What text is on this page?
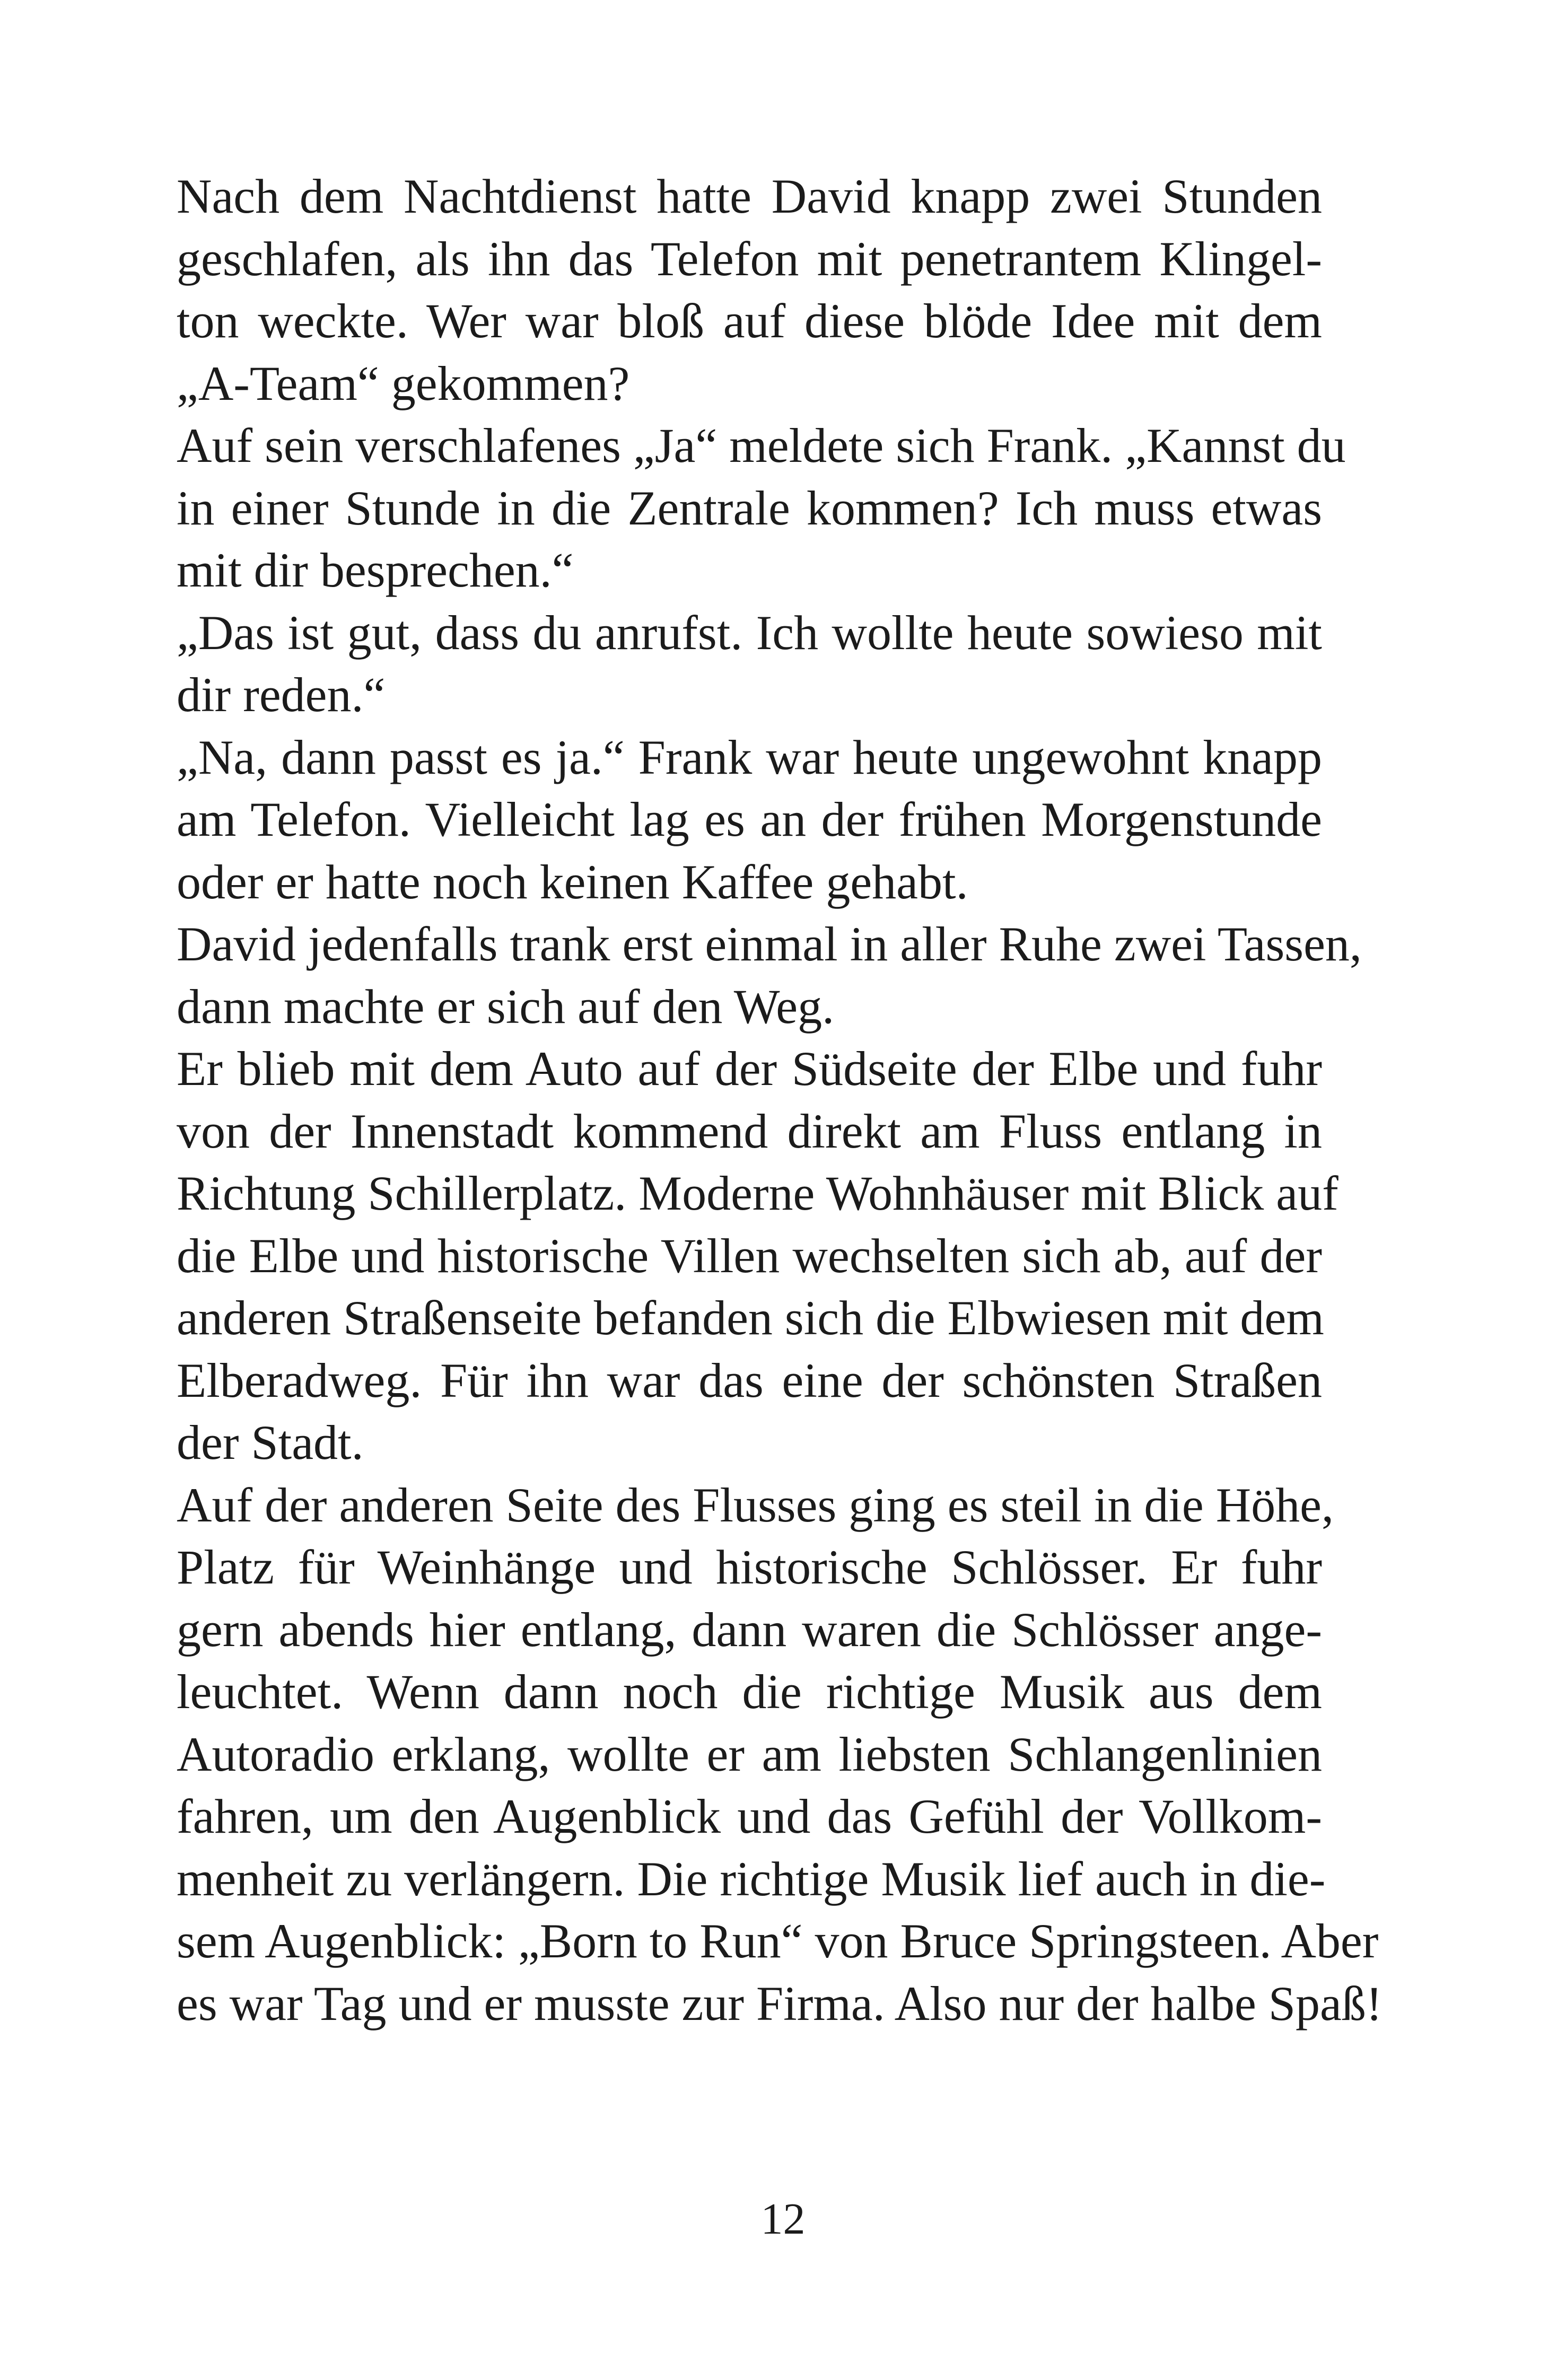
Nach dem Nachtdienst hatte David knapp zwei Stunden
geschlafen, als ihn das Telefon mit penetrantem Klingel-
ton weckte. Wer war bloß auf diese blöde Idee mit dem
„A-Team“ gekommen?
Auf sein verschlafenes „Ja“ meldete sich Frank. „Kannst du
in einer Stunde in die Zentrale kommen? Ich muss etwas
mit dir besprechen.“
„Das ist gut, dass du anrufst. Ich wollte heute sowieso mit
dir reden.“
„Na, dann passt es ja.“ Frank war heute ungewohnt knapp
am Telefon. Vielleicht lag es an der frühen Morgenstunde
oder er hatte noch keinen Kaffee gehabt.
David jedenfalls trank erst einmal in aller Ruhe zwei Tassen,
dann machte er sich auf den Weg.
Er blieb mit dem Auto auf der Südseite der Elbe und fuhr
von der Innenstadt kommend direkt am Fluss entlang in
Richtung Schillerplatz. Moderne Wohnhäuser mit Blick auf
die Elbe und historische Villen wechselten sich ab, auf der
anderen Straßenseite befanden sich die Elbwiesen mit dem
Elberadweg. Für ihn war das eine der schönsten Straßen
der Stadt.
Auf der anderen Seite des Flusses ging es steil in die Höhe,
Platz für Weinhänge und historische Schlösser. Er fuhr
gern abends hier entlang, dann waren die Schlösser ange-
leuchtet. Wenn dann noch die richtige Musik aus dem
Autoradio erklang, wollte er am liebsten Schlangenlinien
fahren, um den Augenblick und das Gefühl der Vollkom-
menheit zu verlängern. Die richtige Musik lief auch in die-
sem Augenblick: „Born to Run“ von Bruce Springsteen. Aber
es war Tag und er musste zur Firma. Also nur der halbe Spaß!
12
